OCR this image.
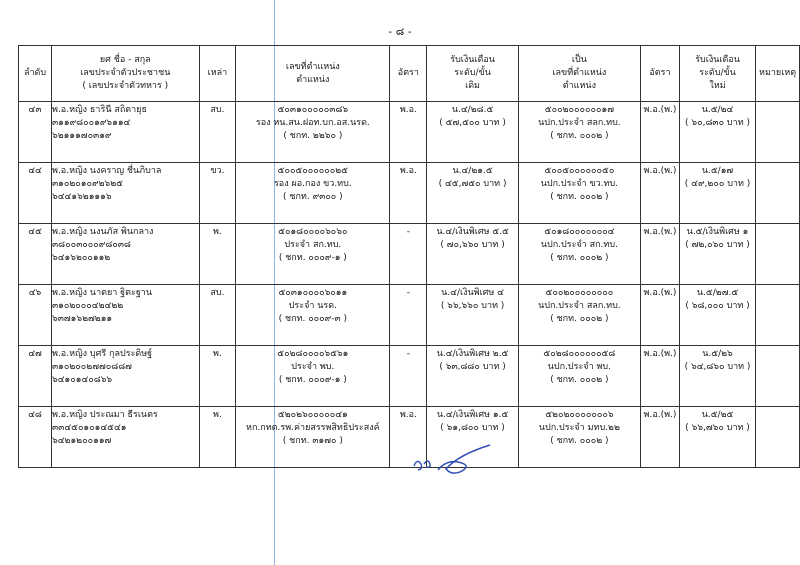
- ๘ -
ลำดับ	ยศ ชื่อ - สกุล
เลขประจำตัวประชาชน
( เลขประจำตัวทหาร )	เหล่า	เลขที่ตำแหน่ง
ตำแหน่ง	อัตรา	รับเงินเดือน
ระดับ/ขั้น
เดิม	เป็น
เลขที่ตำแหน่ง
ตำแหน่ง	อัตรา	รับเงินเดือน
ระดับ/ขั้น
ใหม่	หมายเหตุ
๔๓	พ.อ.หญิง ธารินี สถิตายุธ
๓๑๑๙๘๐๐๑๙๖๑๑๔
๖๒๑๑๑๗๐๓๑๙	สบ.	๕๐๓๑๐๐๐๐๐๓๘๖
รอง หน.สน.ฝอท.บก.อส.นรด.
( ชกท. ๒๒๖๐ )	พ.อ.	น.๔/๒๘.๕
( ๕๗,๕๐๐ บาท )	๕๐๐๒๐๐๐๐๐๐๑๗
นปก.ประจำ สลก.ทบ.
( ชกท. ๐๐๐๒ )	พ.อ.(พ.)	น.๕/๒๔
( ๖๐,๘๓๐ บาท )	

๔๔	พ.อ.หญิง นงคราญ ชื่นภิบาล
๓๑๐๒๐๑๐๙๒๖๒๕
๖๔๔๑๖๒๑๑๑๖	ขว.	๕๐๐๕๐๐๐๐๐๐๒๕
รอง ผอ.กอง ขว.ทบ.
( ชกท. ๙๓๐๐ )	พ.อ.	น.๔/๒๑.๕
( ๔๕,๗๕๐ บาท )	๕๐๐๕๐๐๐๐๐๐๕๐
นปก.ประจำ ขว.ทบ.
( ชกท. ๐๐๐๒ )	พ.อ.(พ.)	น.๕/๑๗
( ๔๙,๒๐๐ บาท )	

๔๕	พ.อ.หญิง นงนภัส พินกลาง
๓๘๐๐๓๐๐๐๙๘๐๓๘
๖๔๑๖๒๐๐๑๑๒	พ.	๕๐๑๘๐๐๐๐๖๐๖๐
ประจำ สก.ทบ.
( ชกท. ๐๐๐๙-๑ )	-	น.๔/เงินพิเศษ ๕.๕
( ๗๐,๖๖๐ บาท )	๕๐๑๘๐๐๐๐๐๐๐๔
นปก.ประจำ สก.ทบ.
( ชกท. ๐๐๐๒ )	พ.อ.(พ.)	น.๕/เงินพิเศษ ๑
( ๗๒,๐๖๐ บาท )	

๔๖	พ.อ.หญิง นาตยา ฐิตะฐาน
๓๑๐๒๐๐๐๔๒๔๒๒
๖๓๗๑๖๒๗๒๑๑	สบ.	๕๐๓๑๐๐๐๐๖๐๑๑
ประจำ นรด.
( ชกท. ๐๐๐๙-๓ )	-	น.๔/เงินพิเศษ ๔
( ๖๖,๖๖๐ บาท )	๕๐๐๒๐๐๐๐๐๐๐๐
นปก.ประจำ สลก.ทบ.
( ชกท. ๐๐๐๒ )	พ.อ.(พ.)	น.๕/๒๗.๕
( ๖๘,๐๐๐ บาท )	

๔๗	พ.อ.หญิง บุศรี กุลประดิษฐ์
๓๑๐๒๐๐๒๗๗๐๘๘๗
๖๔๑๐๑๔๐๘๖๖	พ.	๕๐๒๘๐๐๐๐๖๕๖๑
ประจำ พบ.
( ชกท. ๐๐๐๙-๑ )	-	น.๔/เงินพิเศษ ๒.๕
( ๖๓,๘๘๐ บาท )	๕๐๒๘๐๐๐๐๐๐๕๘
นปก.ประจำ พบ.
( ชกท. ๐๐๐๒ )	พ.อ.(พ.)	น.๕/๒๖
( ๖๔,๘๖๐ บาท )	

๔๘	พ.อ.หญิง ประณมา ธีรเนตร
๓๓๔๕๐๑๐๑๔๕๔๑
๖๔๒๑๒๐๐๑๑๗	พ.	๕๒๐๒๖๐๐๐๐๐๔๑
หก.กทต.รพ.ค่ายสรรพสิทธิประสงค์
( ชกท. ๓๑๗๐ )	พ.อ.	น.๔/เงินพิเศษ ๑.๕
( ๖๑,๘๐๐ บาท )	๕๒๐๒๐๐๐๐๐๐๐๖
นปก.ประจำ มทบ.๒๒
( ชกท. ๐๐๐๒ )	พ.อ.(พ.)	น.๕/๒๕
( ๖๖,๗๖๐ บาท )	
